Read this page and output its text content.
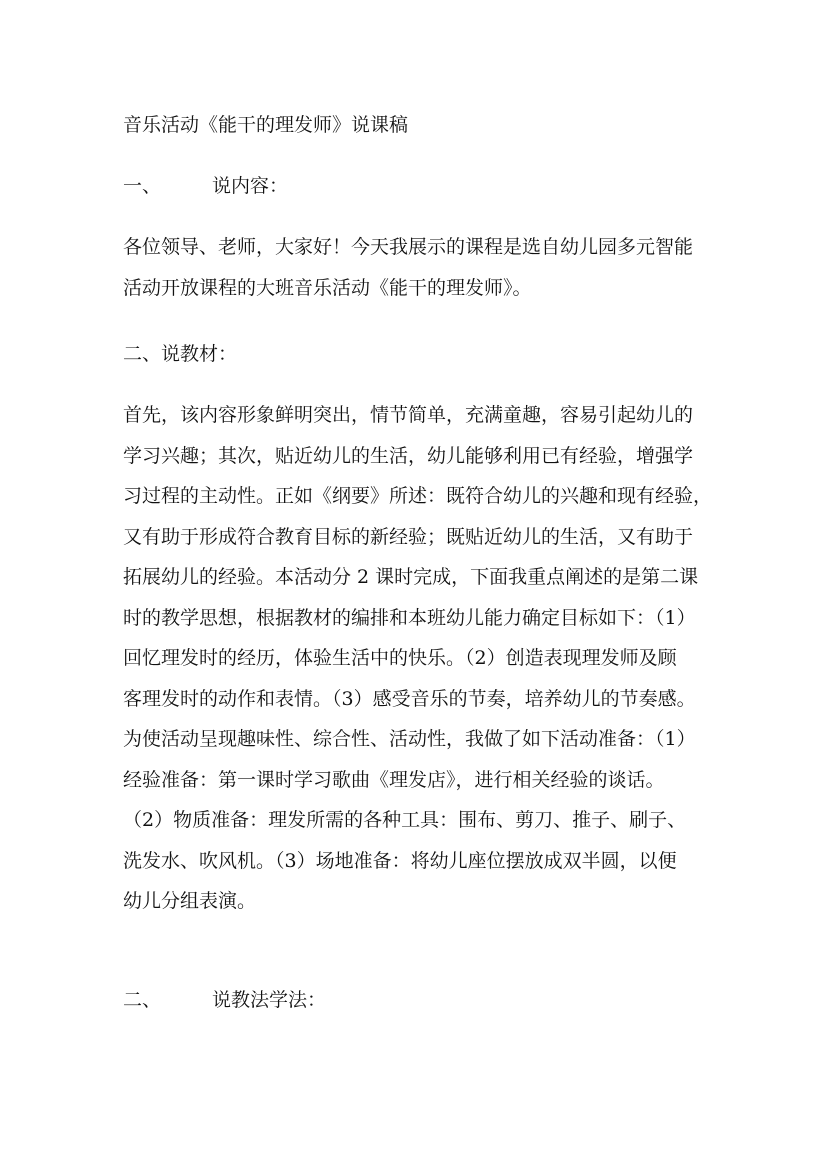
音乐活动《能干的理发师》说课稿
一、	说内容：
各位领导、老师，大家好！今天我展示的课程是选自幼儿园多元智能
活动开放课程的大班音乐活动《能干的理发师》。
二、说教材：
首先，该内容形象鲜明突出，情节简单，充满童趣，容易引起幼儿的
学习兴趣；其次，贴近幼儿的生活，幼儿能够利用已有经验，增强学
习过程的主动性。正如《纲要》所述：既符合幼儿的兴趣和现有经验，
又有助于形成符合教育目标的新经验；既贴近幼儿的生活，又有助于
拓展幼儿的经验。本活动分 2 课时完成，下面我重点阐述的是第二课
时的教学思想，根据教材的编排和本班幼儿能力确定目标如下：（1）
回忆理发时的经历，体验生活中的快乐。（2）创造表现理发师及顾
客理发时的动作和表情。（3）感受音乐的节奏，培养幼儿的节奏感。
为使活动呈现趣味性、综合性、活动性，我做了如下活动准备：（1）
经验准备：第一课时学习歌曲《理发店》，进行相关经验的谈话。
（2）物质准备：理发所需的各种工具：围布、剪刀、推子、刷子、
洗发水、吹风机。（3）场地准备：将幼儿座位摆放成双半圆，以便
幼儿分组表演。
二、	说教法学法：
